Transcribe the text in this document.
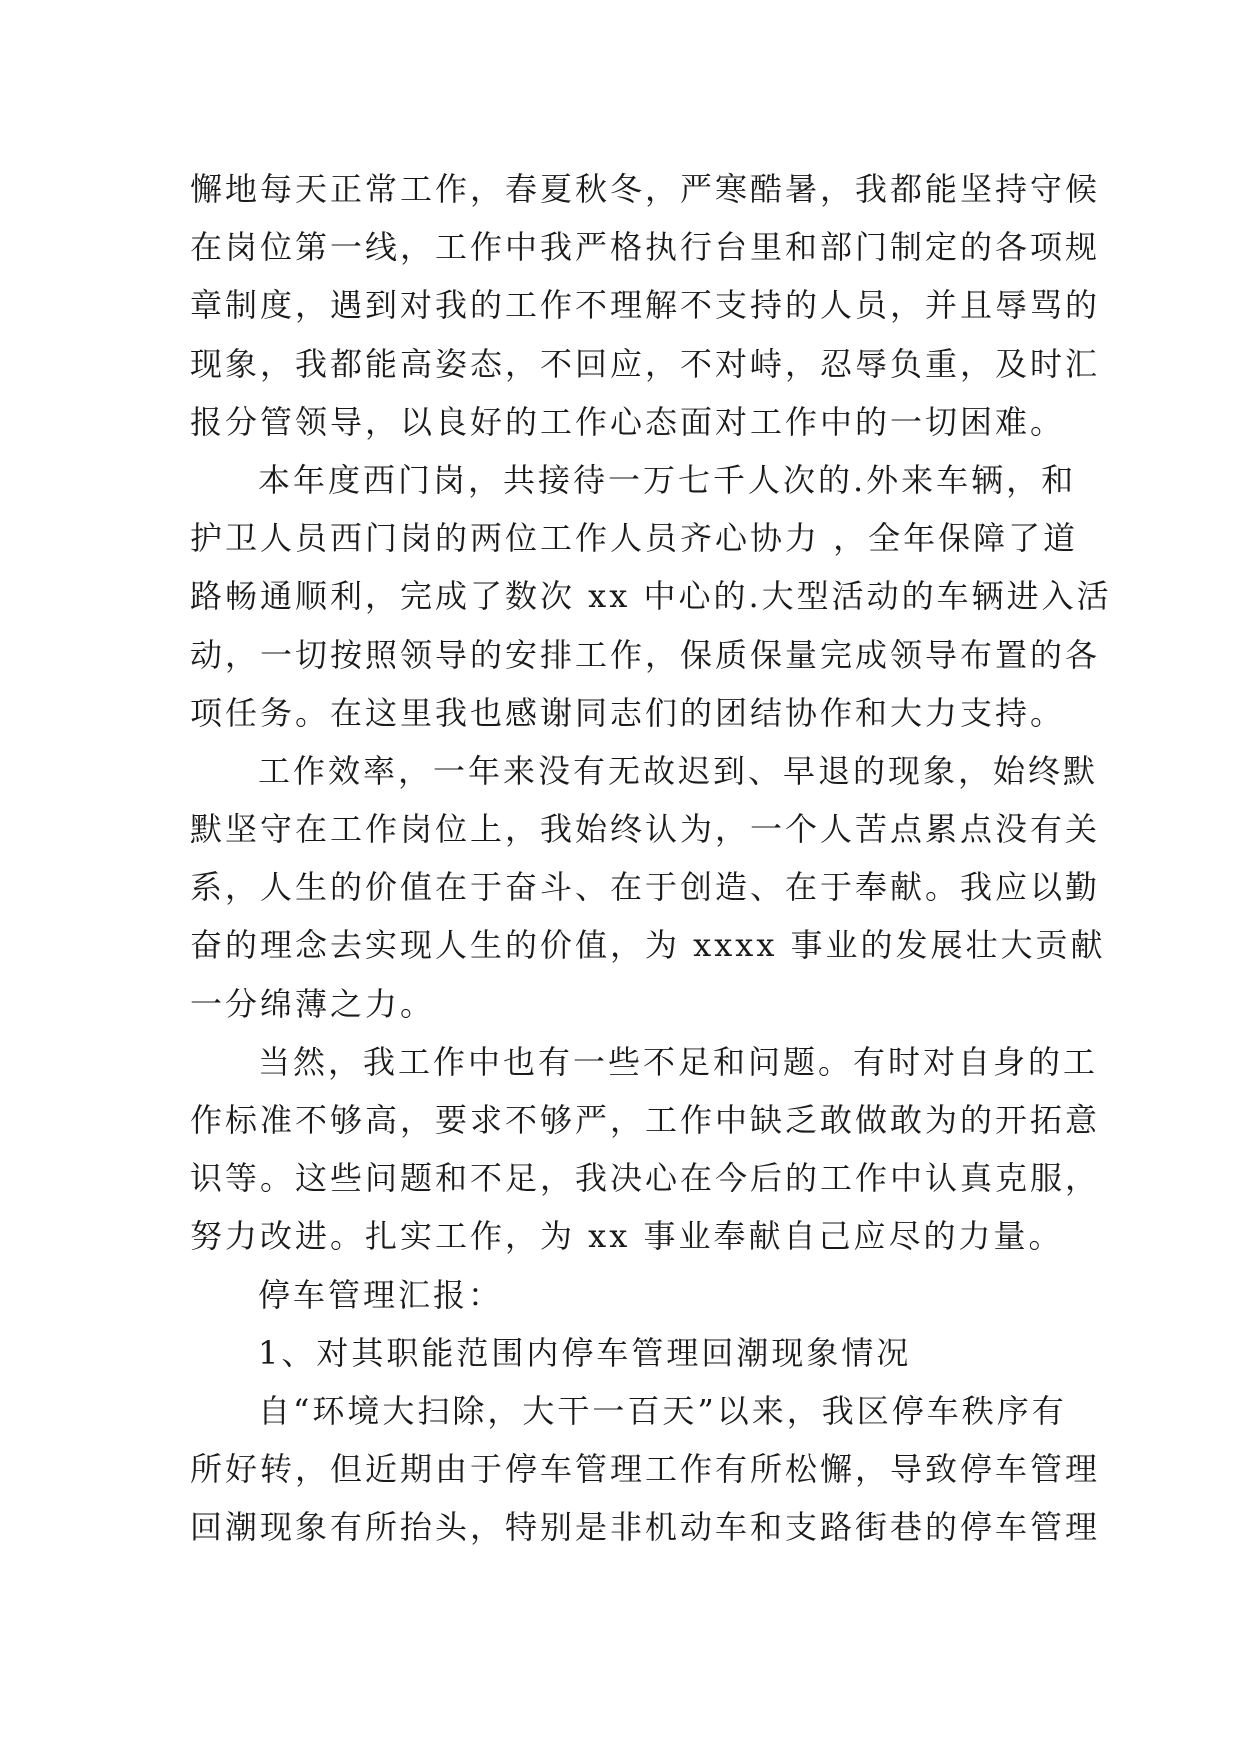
懈地每天正常工作，春夏秋冬，严寒酷暑，我都能坚持守候
在岗位第一线，工作中我严格执行台里和部门制定的各项规
章制度，遇到对我的工作不理解不支持的人员，并且辱骂的
现象，我都能高姿态，不回应，不对峙，忍辱负重，及时汇
报分管领导，以良好的工作心态面对工作中的一切困难。
本年度西门岗，共接待一万七千人次的.外来车辆，和
护卫人员西门岗的两位工作人员齐心协力 ，全年保障了道
路畅通顺利，完成了数次 xx 中心的.大型活动的车辆进入活
动，一切按照领导的安排工作，保质保量完成领导布置的各
项任务。在这里我也感谢同志们的团结协作和大力支持。
工作效率，一年来没有无故迟到、早退的现象，始终默
默坚守在工作岗位上，我始终认为，一个人苦点累点没有关
系，人生的价值在于奋斗、在于创造、在于奉献。我应以勤
奋的理念去实现人生的价值，为 xxxx 事业的发展壮大贡献
一分绵薄之力。
当然，我工作中也有一些不足和问题。有时对自身的工
作标准不够高，要求不够严，工作中缺乏敢做敢为的开拓意
识等。这些问题和不足，我决心在今后的工作中认真克服，
努力改进。扎实工作，为 xx 事业奉献自己应尽的力量。
停车管理汇报：
1、对其职能范围内停车管理回潮现象情况
自“环境大扫除，大干一百天”以来，我区停车秩序有
所好转，但近期由于停车管理工作有所松懈，导致停车管理
回潮现象有所抬头，特别是非机动车和支路街巷的停车管理
